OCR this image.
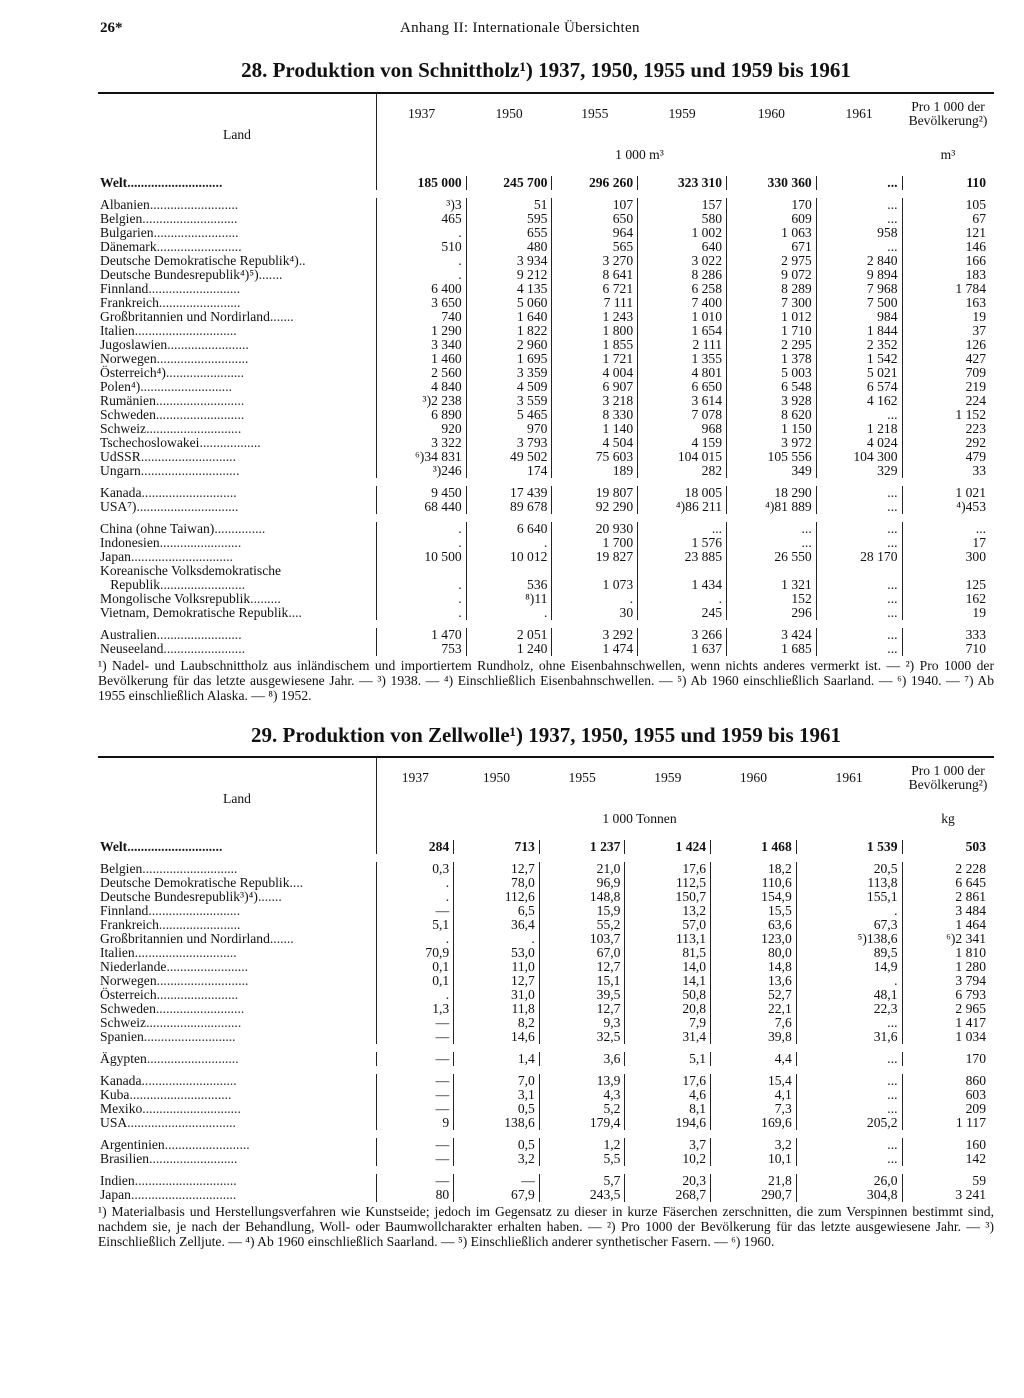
26*	Anhang II: Internationale Übersichten
28. Produktion von Schnittholz¹) 1937, 1950, 1955 und 1959 bis 1961
Land	1937	1950	1955	1959	1960	1961	Pro 1 000 der Bevölkerung²)
	1 000 m³						m³
Welt............................	185 000	245 700	296 260	323 310	330 360	...	110

Albanien..........................	³)3	51	107	157	170	...	105
Belgien............................	465	595	650	580	609	...	67
Bulgarien.........................	.	655	964	1 002	1 063	958	121
Dänemark.........................	510	480	565	640	671	...	146
Deutsche Demokratische Republik⁴)..	.	3 934	3 270	3 022	2 975	2 840	166
Deutsche Bundesrepublik⁴)⁵).......	.	9 212	8 641	8 286	9 072	9 894	183
Finnland...........................	6 400	4 135	6 721	6 258	8 289	7 968	1 784
Frankreich........................	3 650	5 060	7 111	7 400	7 300	7 500	163
Großbritannien und Nordirland.......	740	1 640	1 243	1 010	1 012	984	19
Italien..............................	1 290	1 822	1 800	1 654	1 710	1 844	37
Jugoslawien........................	3 340	2 960	1 855	2 111	2 295	2 352	126
Norwegen...........................	1 460	1 695	1 721	1 355	1 378	1 542	427
Österreich⁴).......................	2 560	3 359	4 004	4 801	5 003	5 021	709
Polen⁴)...........................	4 840	4 509	6 907	6 650	6 548	6 574	219
Rumänien..........................	³)2 238	3 559	3 218	3 614	3 928	4 162	224
Schweden..........................	6 890	5 465	8 330	7 078	8 620	...	1 152
Schweiz............................	920	970	1 140	968	1 150	1 218	223
Tschechoslowakei..................	3 322	3 793	4 504	4 159	3 972	4 024	292
UdSSR............................	⁶)34 831	49 502	75 603	104 015	105 556	104 300	479
Ungarn.............................	³)246	174	189	282	349	329	33

Kanada............................	9 450	17 439	19 807	18 005	18 290	...	1 021
USA⁷)..............................	68 440	89 678	92 290	⁴)86 211	⁴)81 889	...	⁴)453

China (ohne Taiwan)...............	.	6 640	20 930	...	...	...	...
Indonesien........................	.	.	1 700	1 576	...	...	17
Japan..............................	10 500	10 012	19 827	23 885	26 550	28 170	300
Koreanische Volksdemokratische							
Republik.........................	.	536	1 073	1 434	1 321	...	125
Mongolische Volksrepublik.........	.	⁸)11	.	.	152	...	162
Vietnam, Demokratische Republik....	.	.	30	245	296	...	19

Australien.........................	1 470	2 051	3 292	3 266	3 424	...	333
Neuseeland........................	753	1 240	1 474	1 637	1 685	...	710
¹) Nadel- und Laubschnittholz aus inländischem und importiertem Rundholz, ohne Eisenbahnschwellen, wenn nichts anderes vermerkt ist. — ²) Pro 1000 der Bevölkerung für das letzte ausgewiesene Jahr. — ³) 1938. — ⁴) Einschließlich Eisenbahnschwellen. — ⁵) Ab 1960 einschließlich Saarland. — ⁶) 1940. — ⁷) Ab 1955 einschließlich Alaska. — ⁸) 1952.
29. Produktion von Zellwolle¹) 1937, 1950, 1955 und 1959 bis 1961
Land	1937	1950	1955	1959	1960	1961	Pro 1 000 der Bevölkerung²)
	1 000 Tonnen						kg
Welt............................	284	713	1 237	1 424	1 468	1 539	503

Belgien............................	0,3	12,7	21,0	17,6	18,2	20,5	2 228
Deutsche Demokratische Republik....	.	78,0	96,9	112,5	110,6	113,8	6 645
Deutsche Bundesrepublik³)⁴).......	.	112,6	148,8	150,7	154,9	155,1	2 861
Finnland...........................	—	6,5	15,9	13,2	15,5	.	3 484
Frankreich........................	5,1	36,4	55,2	57,0	63,6	67,3	1 464
Großbritannien und Nordirland.......	.	.	103,7	113,1	123,0	⁵)138,6	⁶)2 341
Italien..............................	70,9	53,0	67,0	81,5	80,0	89,5	1 810
Niederlande........................	0,1	11,0	12,7	14,0	14,8	14,9	1 280
Norwegen...........................	0,1	12,7	15,1	14,1	13,6	.	3 794
Österreich........................	.	31,0	39,5	50,8	52,7	48,1	6 793
Schweden..........................	1,3	11,8	12,7	20,8	22,1	22,3	2 965
Schweiz............................	—	8,2	9,3	7,9	7,6	...	1 417
Spanien...........................	—	14,6	32,5	31,4	39,8	31,6	1 034

Ägypten...........................	—	1,4	3,6	5,1	4,4	...	170

Kanada............................	—	7,0	13,9	17,6	15,4	...	860
Kuba..............................	—	3,1	4,3	4,6	4,1	...	603
Mexiko.............................	—	0,5	5,2	8,1	7,3	...	209
USA................................	9	138,6	179,4	194,6	169,6	205,2	1 117

Argentinien.........................	—	0,5	1,2	3,7	3,2	...	160
Brasilien..........................	—	3,2	5,5	10,2	10,1	...	142

Indien..............................	—	—	5,7	20,3	21,8	26,0	59
Japan...............................	80	67,9	243,5	268,7	290,7	304,8	3 241
¹) Materialbasis und Herstellungsverfahren wie Kunstseide; jedoch im Gegensatz zu dieser in kurze Fäserchen zerschnitten, die zum Verspinnen bestimmt sind, nachdem sie, je nach der Behandlung, Woll- oder Baumwollcharakter erhalten haben. — ²) Pro 1000 der Bevölkerung für das letzte ausgewiesene Jahr. — ³) Einschließlich Zelljute. — ⁴) Ab 1960 einschließlich Saarland. — ⁵) Einschließlich anderer synthetischer Fasern. — ⁶) 1960.
